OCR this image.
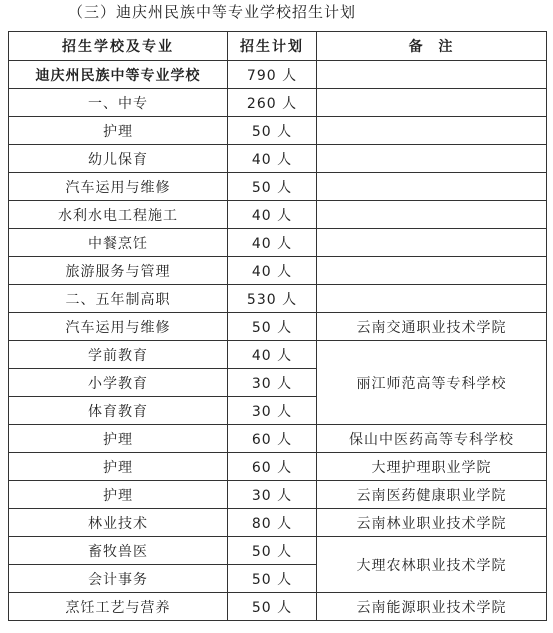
（三）迪庆州民族中等专业学校招生计划
招生学校及专业	招生计划	备  注
迪庆州民族中等专业学校	790 人	
一、中专	260 人	
护理	50 人	
幼儿保育	40 人	
汽车运用与维修	50 人	
水利水电工程施工	40 人	
中餐烹饪	40 人	
旅游服务与管理	40 人	
二、五年制高职	530 人	
汽车运用与维修	50 人	云南交通职业技术学院
学前教育	40 人	丽江师范高等专科学校
小学教育	30 人	
体育教育	30 人	
护理	60 人	保山中医药高等专科学校
护理	60 人	大理护理职业学院
护理	30 人	云南医药健康职业学院
林业技术	80 人	云南林业职业技术学院
畜牧兽医	50 人	大理农林职业技术学院
会计事务	50 人	
烹饪工艺与营养	50 人	云南能源职业技术学院
